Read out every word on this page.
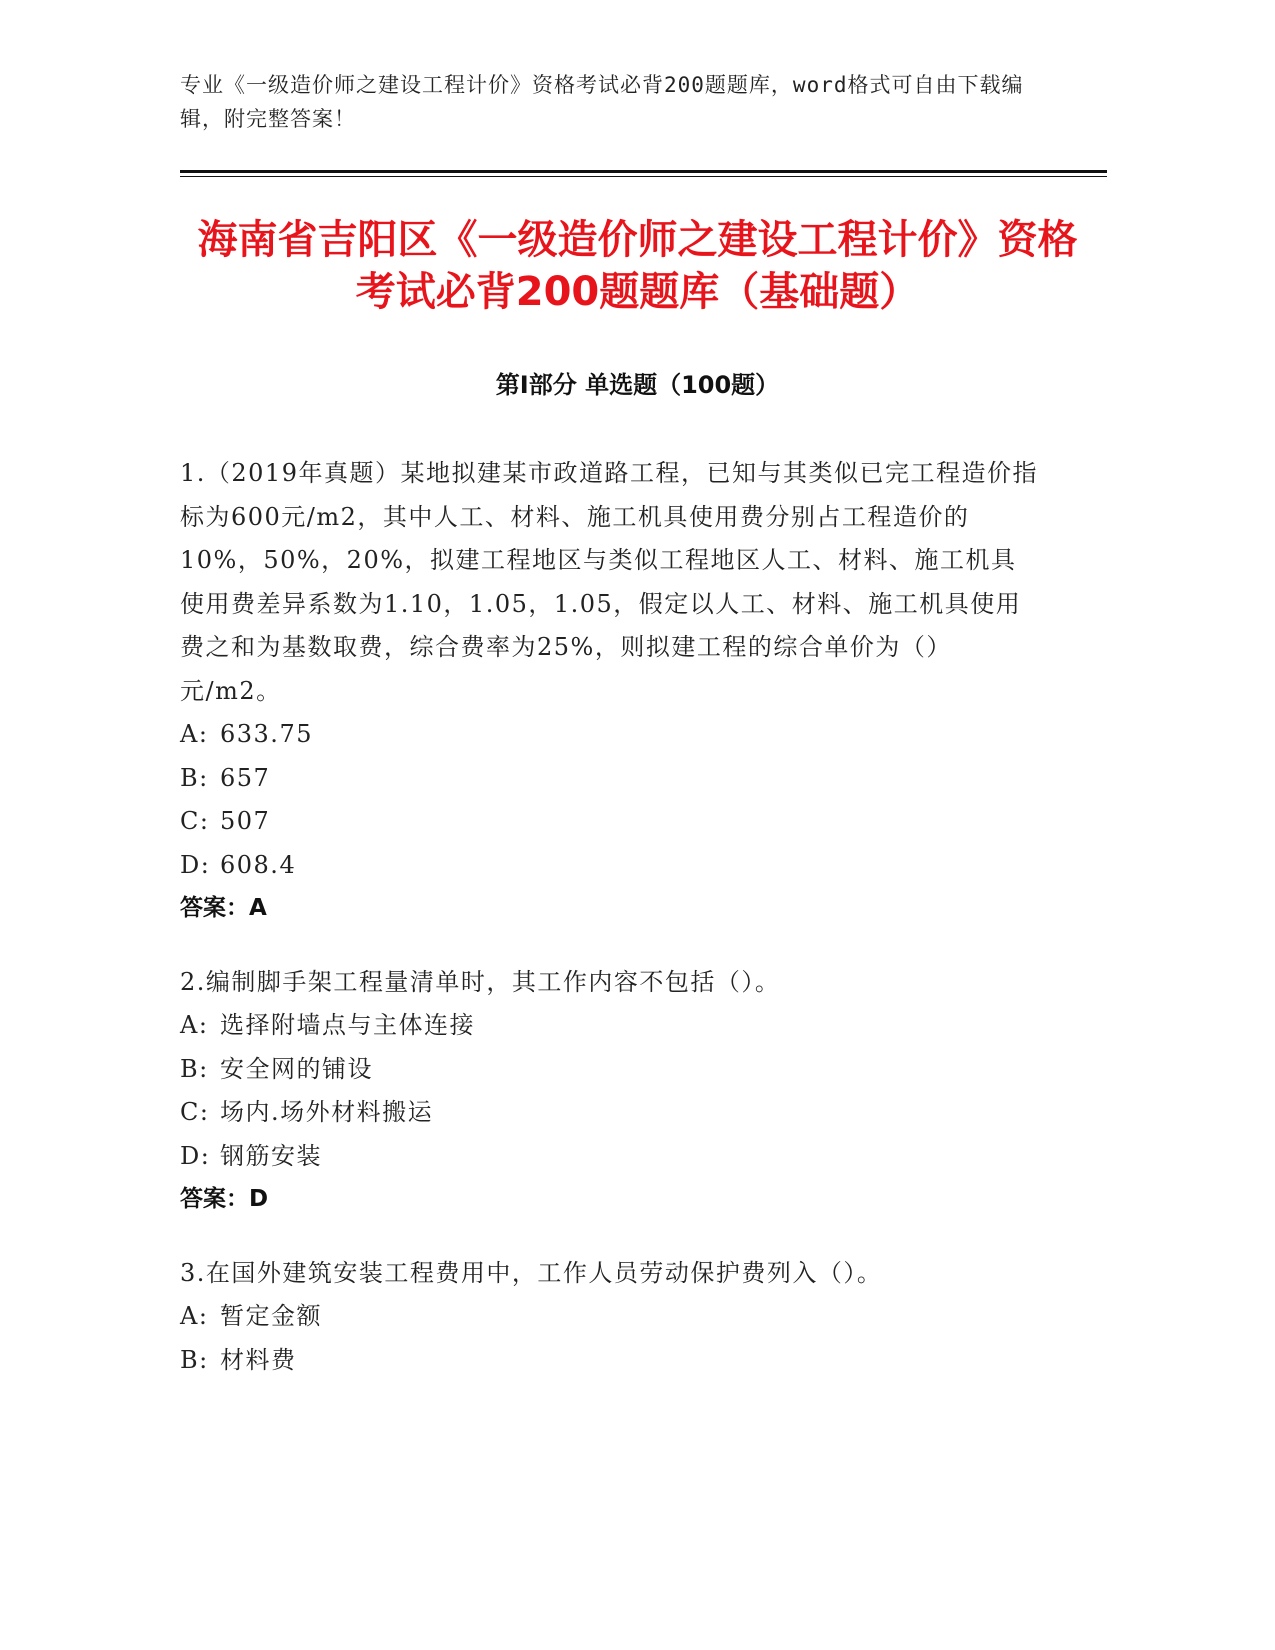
专业《一级造价师之建设工程计价》资格考试必背200题题库，word格式可自由下载编辑，附完整答案！
海南省吉阳区《一级造价师之建设工程计价》资格考试必背200题题库（基础题）
第I部分 单选题（100题）

1.（2019年真题）某地拟建某市政道路工程，已知与其类似已完工程造价指标为600元/m2，其中人工、材料、施工机具使用费分别占工程造价的10%，50%，20%，拟建工程地区与类似工程地区人工、材料、施工机具使用费差异系数为1.10，1.05，1.05，假定以人工、材料、施工机具使用费之和为基数取费，综合费率为25%，则拟建工程的综合单价为（）元/m2。

A: 633.75

B: 657

C: 507

D: 608.4

答案：A

2.编制脚手架工程量清单时，其工作内容不包括（）。

A: 选择附墙点与主体连接

B: 安全网的铺设

C: 场内.场外材料搬运

D: 钢筋安装

答案：D

3.在国外建筑安装工程费用中，工作人员劳动保护费列入（）。

A: 暂定金额

B: 材料费
